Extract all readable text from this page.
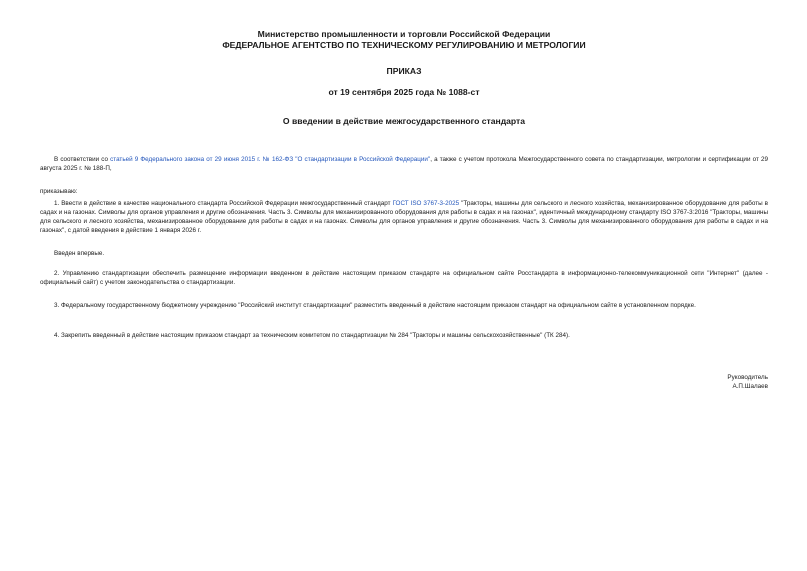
Министерство промышленности и торговли Российской Федерации
ФЕДЕРАЛЬНОЕ АГЕНТСТВО ПО ТЕХНИЧЕСКОМУ РЕГУЛИРОВАНИЮ И МЕТРОЛОГИИ
ПРИКАЗ
от 19 сентября 2025 года № 1088-ст
О введении в действие межгосударственного стандарта
В соответствии со статьей 9 Федерального закона от 29 июня 2015 г. № 162-ФЗ "О стандартизации в Российской Федерации", а также с учетом протокола Межгосударственного совета по стандартизации, метрологии и сертификации от 29 августа 2025 г. № 188-П,
приказываю:
1. Ввести в действие в качестве национального стандарта Российской Федерации межгосударственный стандарт ГОСТ ISO 3767-3-2025 "Тракторы, машины для сельского и лесного хозяйства, механизированное оборудование для работы в садах и на газонах. Символы для органов управления и другие обозначения. Часть 3. Символы для механизированного оборудования для работы в садах и на газонах", идентичный международному стандарту ISO 3767-3:2016 "Тракторы, машины для сельского и лесного хозяйства, механизированное оборудование для работы в садах и на газонах. Символы для органов управления и другие обозначения. Часть 3. Символы для механизированного оборудования для работы в садах и на газонах", с датой введения в действие 1 января 2026 г.
Введен впервые.
2. Управлению стандартизации обеспечить размещение информации введенном в действие настоящим приказом стандарте на официальном сайте Росстандарта в информационно-телекоммуникационной сети "Интернет" (далее - официальный сайт) с учетом законодательства о стандартизации.
3. Федеральному государственному бюджетному учреждению "Российский институт стандартизации" разместить введенный в действие настоящим приказом стандарт на официальном сайте в установленном порядке.
4. Закрепить введенный в действие настоящим приказом стандарт за техническим комитетом по стандартизации № 284 "Тракторы и машины сельскохозяйственные" (ТК 284).
Руководитель
А.П.Шалаев
